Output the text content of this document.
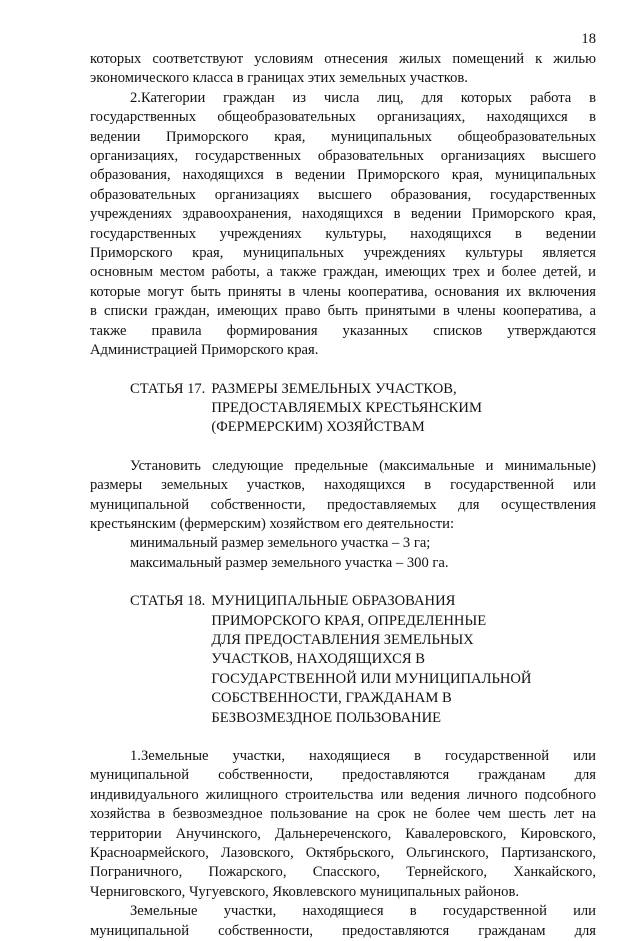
18
которых соответствуют условиям отнесения жилых помещений к жилью
экономического класса в границах этих земельных участков.
2.Категории граждан из числа лиц, для которых работа в
государственных общеобразовательных организациях, находящихся в
ведении Приморского края, муниципальных общеобразовательных
организациях, государственных образовательных организациях высшего
образования, находящихся в ведении Приморского края, муниципальных
образовательных организациях высшего образования, государственных
учреждениях здравоохранения, находящихся в ведении Приморского края,
государственных учреждениях культуры, находящихся в ведении
Приморского края, муниципальных учреждениях культуры является
основным местом работы, а также граждан, имеющих трех и более детей, и
которые могут быть приняты в члены кооператива, основания их включения
в списки граждан, имеющих право быть принятыми в члены кооператива, а
также правила формирования указанных списков утверждаются
Администрацией Приморского края.
СТАТЬЯ 17. РАЗМЕРЫ ЗЕМЕЛЬНЫХ УЧАСТКОВ,
ПРЕДОСТАВЛЯЕМЫХ КРЕСТЬЯНСКИМ
(ФЕРМЕРСКИМ) ХОЗЯЙСТВАМ
Установить следующие предельные (максимальные и минимальные)
размеры земельных участков, находящихся в государственной или
муниципальной собственности, предоставляемых для осуществления
крестьянским (фермерским) хозяйством его деятельности:
минимальный размер земельного участка – 3 га;
максимальный размер земельного участка – 300 га.
СТАТЬЯ 18. МУНИЦИПАЛЬНЫЕ ОБРАЗОВАНИЯ
ПРИМОРСКОГО КРАЯ, ОПРЕДЕЛЕННЫЕ
ДЛЯ ПРЕДОСТАВЛЕНИЯ ЗЕМЕЛЬНЫХ
УЧАСТКОВ, НАХОДЯЩИХСЯ В
ГОСУДАРСТВЕННОЙ ИЛИ МУНИЦИПАЛЬНОЙ
СОБСТВЕННОСТИ, ГРАЖДАНАМ В
БЕЗВОЗМЕЗДНОЕ ПОЛЬЗОВАНИЕ
1.Земельные участки, находящиеся в государственной или
муниципальной собственности, предоставляются гражданам для
индивидуального жилищного строительства или ведения личного подсобного
хозяйства в безвозмездное пользование на срок не более чем шесть лет на
территории Анучинского, Дальнереченского, Кавалеровского, Кировского,
Красноармейского, Лазовского, Октябрьского, Ольгинского, Партизанского,
Пограничного, Пожарского, Спасского, Тернейского, Ханкайского,
Черниговского, Чугуевского, Яковлевского муниципальных районов.
Земельные участки, находящиеся в государственной или
муниципальной собственности, предоставляются гражданам для
